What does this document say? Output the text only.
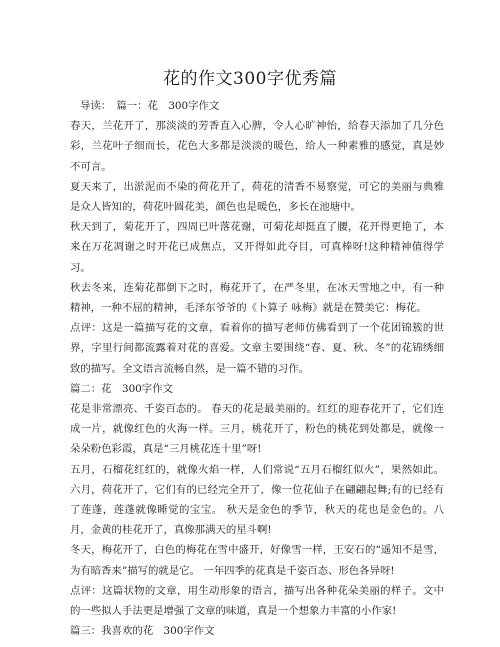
花的作文300字优秀篇

导读：　篇一：花　300字作文

春天，兰花开了，那淡淡的芳香直入心脾，令人心旷神怡，给春天添加了几分色彩，兰花叶子细而长，花色大多都是淡淡的暖色，给人一种素雅的感觉，真是妙不可言。

夏天来了，出淤泥而不染的荷花开了，荷花的清香不易察觉，可它的美丽与典雅是众人皆知的，荷花叶圆花美，颜色也是暖色，多长在池塘中。

秋天到了，菊花开了，四周已叶落花谢，可菊花却挺直了腰，花开得更艳了，本来在万花凋谢之时开花已成焦点，又开得如此夺目，可真棒呀!这种精神值得学习。

秋去冬来，连菊花都倒下之时，梅花开了，在严冬里，在冰天雪地之中，有一种精神，一种不屈的精神，毛泽东爷爷的《卜算子 咏梅》就是在赞美它：梅花。

点评：这是一篇描写花的文章，看着你的描写老师仿佛看到了一个花团锦簇的世界，字里行间都流露着对花的喜爱。文章主要围绕“春、夏、秋、冬”的花锦绣细致的描写。全文语言流畅自然，是一篇不错的习作。

篇二：花　300字作文

花是非常漂亮、千姿百态的。 春天的花是最美丽的。红红的迎春花开了，它们连成一片，就像红色的火海一样。三月，桃花开了，粉色的桃花到处都是，就像一朵朵粉色彩霞，真是“三月桃花连十里”呀!

五月，石榴花红红的，就像火焰一样，人们常说“五月石榴红似火”，果然如此。六月，荷花开了，它们有的已经完全开了，像一位花仙子在翩翩起舞;有的已经有了莲蓬，莲蓬就像睡觉的宝宝。 秋天是金色的季节，秋天的花也是金色的。八月，金黄的桂花开了，真像那满天的星斗啊!

冬天，梅花开了，白色的梅花在雪中盛开，好像雪一样，王安石的“遥知不是雪，为有暗香来”描写的就是它。 一年四季的花真是千姿百态、形色各异呀!

点评：这篇状物的文章，用生动形象的语言，描写出各种花朵美丽的样子。文中的一些拟人手法更是增强了文章的味道，真是一个想象力丰富的小作家!

篇三：我喜欢的花　300字作文
